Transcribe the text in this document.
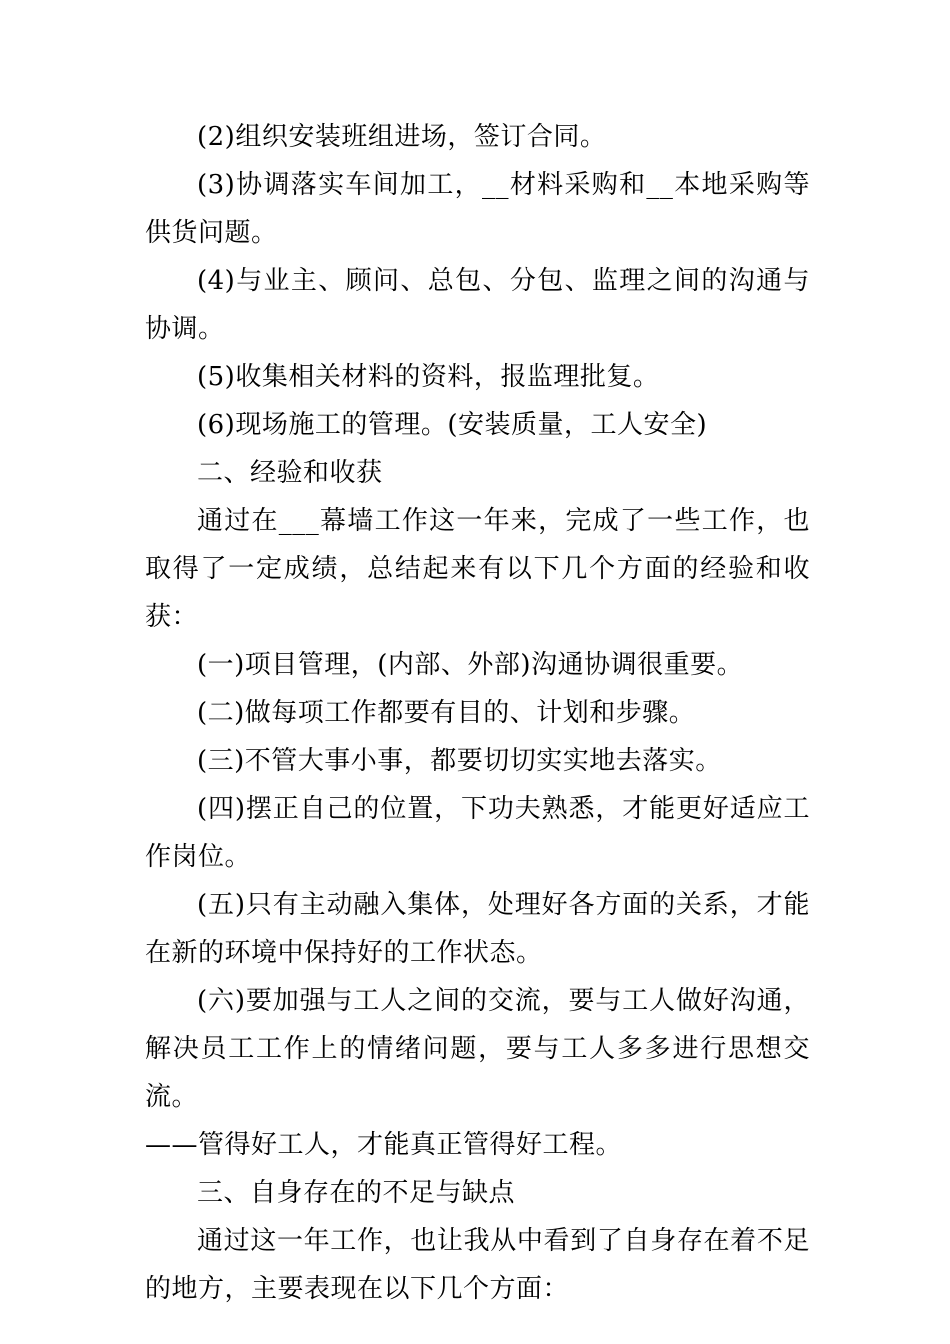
(2)组织安装班组进场，签订合同。

(3)协调落实车间加工，__材料采购和__本地采购等供货问题。

(4)与业主、顾问、总包、分包、监理之间的沟通与协调。

(5)收集相关材料的资料，报监理批复。

(6)现场施工的管理。(安装质量，工人安全)

二、经验和收获

通过在___幕墙工作这一年来，完成了一些工作，也取得了一定成绩，总结起来有以下几个方面的经验和收获：

(一)项目管理，(内部、外部)沟通协调很重要。

(二)做每项工作都要有目的、计划和步骤。

(三)不管大事小事，都要切切实实地去落实。

(四)摆正自己的位置，下功夫熟悉，才能更好适应工作岗位。

(五)只有主动融入集体，处理好各方面的关系，才能在新的环境中保持好的工作状态。

(六)要加强与工人之间的交流，要与工人做好沟通，解决员工工作上的情绪问题，要与工人多多进行思想交流。

——管得好工人，才能真正管得好工程。

三、自身存在的不足与缺点

通过这一年工作，也让我从中看到了自身存在着不足的地方，主要表现在以下几个方面：
